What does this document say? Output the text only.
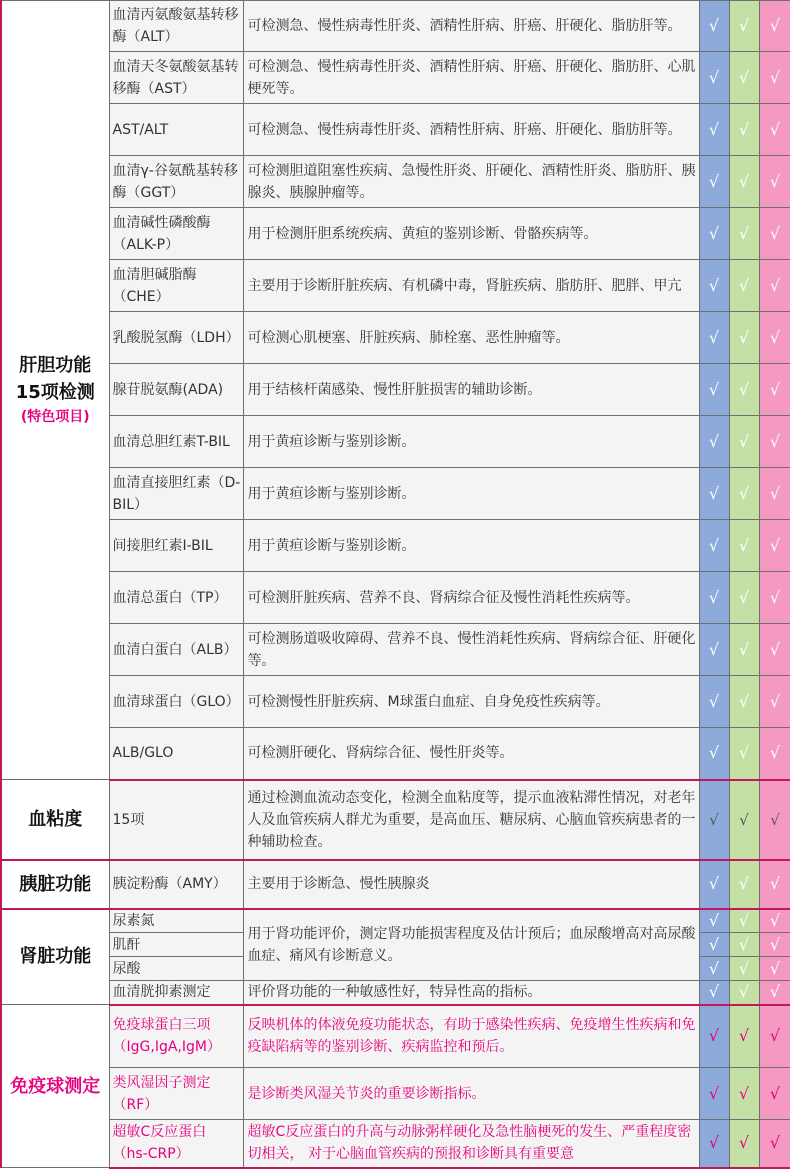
肝胆功能
15项检测
(特色项目)	血清丙氨酸氨基转移酶（ALT）	可检测急、慢性病毒性肝炎、酒精性肝病、肝癌、肝硬化、脂肪肝等。	√	√	√
	血清天冬氨酸氨基转移酶（AST）	可检测急、慢性病毒性肝炎、酒精性肝病、肝癌、肝硬化、脂肪肝、心肌梗死等。	√	√	√
	AST/ALT	可检测急、慢性病毒性肝炎、酒精性肝病、肝癌、肝硬化、脂肪肝等。	√	√	√
	血清γ-谷氨酰基转移酶（GGT）	可检测胆道阻塞性疾病、急慢性肝炎、肝硬化、酒精性肝炎、脂肪肝、胰腺炎、胰腺肿瘤等。	√	√	√
	血清碱性磷酸酶（ALK-P）	用于检测肝胆系统疾病、黄疸的鉴别诊断、骨骼疾病等。	√	√	√
	血清胆碱脂酶（CHE）	主要用于诊断肝脏疾病、有机磷中毒，肾脏疾病、脂肪肝、肥胖、甲亢	√	√	√
	乳酸脱氢酶（LDH）	可检测心肌梗塞、肝脏疾病、肺栓塞、恶性肿瘤等。	√	√	√
	腺苷脱氨酶(ADA)	用于结核杆菌感染、慢性肝脏损害的辅助诊断。	√	√	√
	血清总胆红素T-BIL	用于黄疸诊断与鉴别诊断。	√	√	√
	血清直接胆红素（D-BIL）	用于黄疸诊断与鉴别诊断。	√	√	√
	间接胆红素I-BIL	用于黄疸诊断与鉴别诊断。	√	√	√
	血清总蛋白（TP）	可检测肝脏疾病、营养不良、肾病综合征及慢性消耗性疾病等。	√	√	√
	血清白蛋白（ALB）	可检测肠道吸收障碍、营养不良、慢性消耗性疾病、肾病综合征、肝硬化等。	√	√	√
	血清球蛋白（GLO）	可检测慢性肝脏疾病、M球蛋白血症、自身免疫性疾病等。	√	√	√
	ALB/GLO	可检测肝硬化、肾病综合征、慢性肝炎等。	√	√	√
血粘度	15项	通过检测血流动态变化，检测全血粘度等，提示血液粘滞性情况，对老年人及血管疾病人群尤为重要，是高血压、糖尿病、心脑血管疾病患者的一种辅助检查。	√	√	√
胰脏功能	胰淀粉酶（AMY）	主要用于诊断急、慢性胰腺炎	√	√	√
肾脏功能	尿素氮	用于肾功能评价，测定肾功能损害程度及估计预后；血尿酸增高对高尿酸血症、痛风有诊断意义。	√	√	√
	肌酐		√	√	√
	尿酸		√	√	√
	血清胱抑素测定	评价肾功能的一种敏感性好，特异性高的指标。	√	√	√
免疫球测定	免疫球蛋白三项（IgG,IgA,IgM）	反映机体的体液免疫功能状态，有助于感染性疾病、免疫增生性疾病和免疫缺陷病等的鉴别诊断、疾病监控和预后。	√	√	√
	类风湿因子测定（RF）	是诊断类风湿关节炎的重要诊断指标。	√	√	√
	超敏C反应蛋白（hs-CRP）	超敏C反应蛋白的升高与动脉粥样硬化及急性脑梗死的发生、严重程度密切相关， 对于心脑血管疾病的预报和诊断具有重要意	√	√	√
